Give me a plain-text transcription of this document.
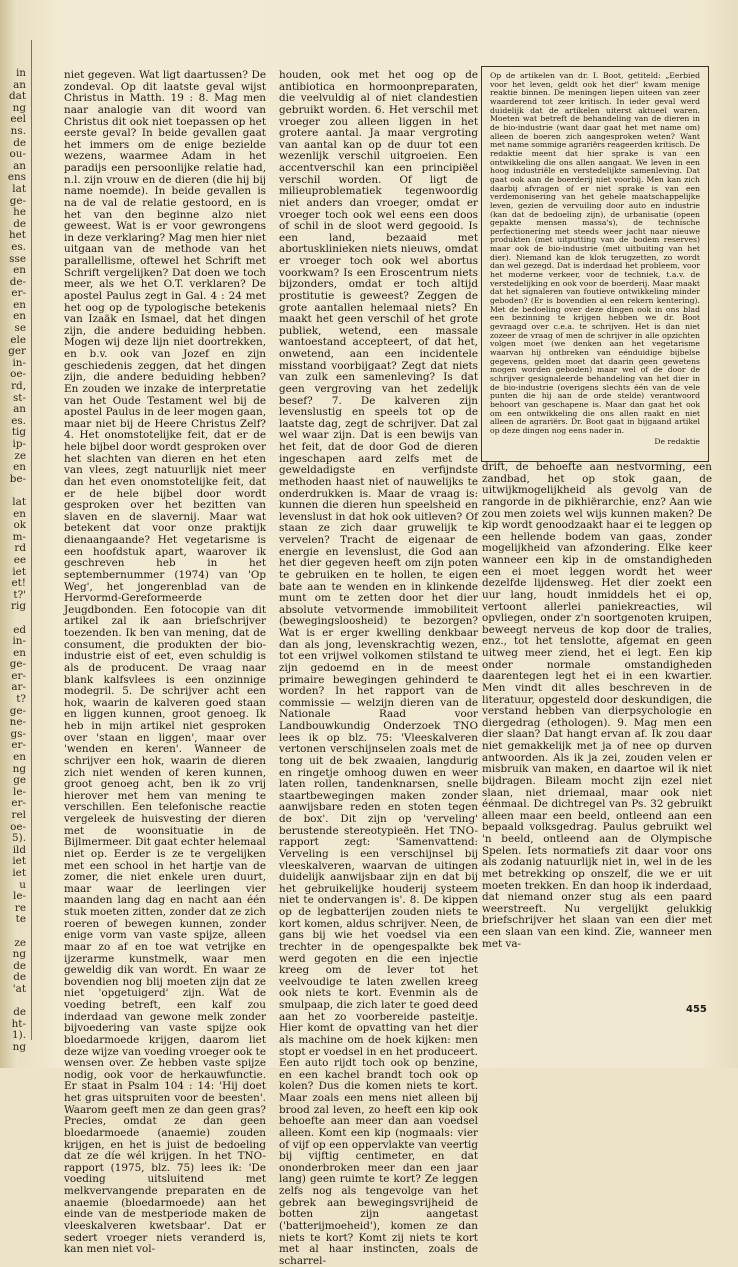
in
an
dat
ng
eel
ns.
de
ou-
an
ens
lat
ge-
he
de
het
es.
sse
en
de-
er-
en
en
se
ele
ger
in-
oe-
rd,
st-
an
es.
tig
ip-
ze
en
be-
lat
en
ok
m-
rd
ee
iet
et!
t?'
rig
ed
in-
en
ge-
er-
ar-
t?
ge-
ne-
gs-
er-
en
ng
ge
le-
er-
rel
oe-
5).
ild
iet
iet
u
le-
re
te
ze
ng
de
de
'at
de
ht-
1).
ng

niet gegeven. Wat ligt daartussen? De zondeval. Op dit laatste geval wijst Christus in Matth. 19 : 8. Mag men naar analogie van dit woord van Christus dit ook niet toepassen op het eerste geval? In beide gevallen gaat het immers om de enige bezielde wezens, waarmee Adam in het paradijs een persoonlijke relatie had, n.l. zijn vrouw en de dieren (die hij bij name noemde). In beide gevallen is na de val de relatie gestoord, en is het van den beginne alzo niet geweest. Wat is er voor gewrongens in deze verklaring? Mag men hier niet uitgaan van de methode van het parallellisme, oftewel het Schrift met Schrift vergelijken? Dat doen we toch meer, als we het O.T. verklaren? De apostel Paulus zegt in Gal. 4 : 24 met het oog op de typologische betekenis van Izaäk en Ismael, dat het dingen zijn, die andere beduiding hebben. Mogen wij deze lijn niet doortrekken, en b.v. ook van Jozef en zijn geschiedenis zeggen, dat het dingen zijn, die andere beduiding hebben? En zouden we inzake de interpretatie van het Oude Testament wel bij de apostel Paulus in de leer mogen gaan, maar niet bij de Heere Christus Zelf? 4. Het onomstotelijke feit, dat er de hele bijbel door wordt gesproken over het slachten van dieren en het eten van vlees, zegt natuurlijk niet meer dan het even onomstotelijke feit, dat er de hele bijbel door wordt gesproken over het bezitten van slaven en de slavernij. Maar wat betekent dat voor onze praktijk dienaangaande? Het vegetarisme is een hoofdstuk apart, waarover ik geschreven heb in het septembernummer (1974) van 'Op Weg', het jongerenblad van de Hervormd-Gereformeerde Jeugdbonden. Een fotocopie van dit artikel zal ik aan briefschrijver toezenden. Ik ben van mening, dat de consument, die produkten der bio-industrie eist of eet, even schuldig is als de producent. De vraag naar blank kalfsvlees is een onzinnige modegril. 5. De schrijver acht een hok, waarin de kalveren goed staan en liggen kunnen, groot genoeg. Ik heb in mijn artikel niet gesproken over 'staan en liggen', maar over 'wenden en keren'. Wanneer de schrijver een hok, waarin de dieren zich niet wenden of keren kunnen, groot genoeg acht, ben ik zo vrij hierover met hem van mening te verschillen. Een telefonische reactie vergeleek de huisvesting der dieren met de woonsituatie in de Bijlmermeer. Dit gaat echter helemaal niet op. Eerder is ze te vergelijken met een school in het hartje van de zomer, die niet enkele uren duurt, maar waar de leerlingen vier maanden lang dag en nacht aan één stuk moeten zitten, zonder dat ze zich roeren of bewegen kunnen, zonder enige vorm van vaste spijze, alleen maar zo af en toe wat vetrijke en ijzerarme kunstmelk, waar men geweldig dik van wordt. En waar ze bovendien nog blij moeten zijn dat ze niet 'opgetuigerd' zijn. Wat de voeding betreft, een kalf zou inderdaad van gewone melk zonder bijvoedering van vaste spijze ook bloedarmoede krijgen, daarom liet deze wijze van voeding vroeger ook te wensen over. Ze hebben vaste spijze nodig, ook voor de herkauwfunctie. Er staat in Psalm 104 : 14: 'Hij doet het gras uitspruiten voor de beesten'. Waarom geeft men ze dan geen gras? Precies, omdat ze dan geen bloedarmoede (anaemie) zouden krijgen, en het is juist de bedoeling dat ze díe wél krijgen. In het TNO-rapport (1975, blz. 75) lees ik: 'De voeding uitsluitend met melkvervangende preparaten en de anaemie (bloedarmoede) aan het einde van de mestperiode maken de vleeskalveren kwetsbaar'. Dat er sedert vroeger niets veranderd is, kan men niet vol-

houden, ook met het oog op de antibiotica en hormoonpreparaten, die veelvuldig al of niet clandestien gebruikt worden. 6. Het verschil met vroeger zou alleen liggen in het grotere aantal. Ja maar vergroting van aantal kan op de duur tot een wezenlijk verschil uitgroeien. Een accentverschil kan een principiëel verschil worden. Of ligt de milieuproblematiek tegenwoordig niet anders dan vroeger, omdat er vroeger toch ook wel eens een doos of schil in de sloot werd gegooid. Is een land, bezaaid met abortusklinieken niets nieuws, omdat er vroeger toch ook wel abortus voorkwam? Is een Eroscentrum niets bijzonders, omdat er toch altijd prostitutie is geweest? Zeggen de grote aantallen helemaal niets? En maakt het geen verschil of het grote publiek, wetend, een massale wantoestand accepteert, of dat het, onwetend, aan een incidentele misstand voorbijgaat? Zegt dat niets van zulk een samenleving? Is dat geen vergroving van het zedelijk besef? 7. De kalveren zijn levenslustig en speels tot op de laatste dag, zegt de schrijver. Dat zal wel waar zijn. Dat is een bewijs van het feit, dat de door God de dieren ingeschapen aard zelfs met de geweldadigste en verfijndste methoden haast niet of nauwelijks te onderdrukken is. Maar de vraag is: kunnen die dieren hun speelsheid en levenslust in dat hok ook uitleven? Of staan ze zich daar gruwelijk te vervelen? Tracht de eigenaar de energie en levenslust, die God aan het dier gegeven heeft om zijn poten te gebruiken en te hollen, te eigen bate aan te wenden en in klinkende munt om te zetten door het dier absolute vetvormende immobiliteit (bewegingsloosheid) te bezorgen? Wat is er erger kwelling denkbaar dan als jong, levenskrachtig wezen, tot een vrijwel volkomen stilstand te zijn gedoemd en in de meest primaire bewegingen gehinderd te worden? In het rapport van de commissie — welzijn dieren van de Nationale Raad voor Landbouwkundig Onderzoek TNO lees ik op blz. 75: 'Vleeskalveren vertonen verschijnselen zoals met de tong uit de bek zwaaien, langdurig en ringetje omhoog duwen en weer laten rollen, tandenknarsen, snelle staartbewegingen maken zonder aanwijsbare reden en stoten tegen de box'. Dit zijn op 'verveling' berustende stereotypieën. Het TNO-rapport zegt: 'Samenvattend: Verveling is een verschijnsel bij vleeskalveren, waarvan de uitingen duidelijk aanwijsbaar zijn en dat bij het gebruikelijke houderij systeem niet te ondervangen is'. 8. De kippen op de legbatterijen zouden niets te kort komen, aldus schrijver. Neen, de gans bij wie het voedsel via een trechter in de opengespalkte bek werd gegoten en die een injectie kreeg om de lever tot het veelvoudige te laten zwellen kreeg ook niets te kort. Evenmin als de smulpaap, die zich later te goed deed aan het zo voorbereide pasteitje. Hier komt de opvatting van het dier als machine om de hoek kijken: men stopt er voedsel in en het produceert. Een auto rijdt toch ook op benzine, en een kachel brandt toch ook op kolen? Dus die komen niets te kort. Maar zoals een mens niet alleen bij brood zal leven, zo heeft een kip ook behoefte aan meer dan aan voedsel alleen. Komt een kip (nogmaals: vier of vijf op een oppervlakte van veertig bij vijftig centimeter, en dat ononderbroken meer dan een jaar lang) geen ruimte te kort? Ze leggen zelfs nog als tengevolge van het gebrek aan bewegingsvrijheid de botten zijn aangetast ('batterijmoeheid'), komen ze dan niets te kort? Komt zij niets te kort met al haar instincten, zoals de scharrel-

Op de artikelen van dr. I. Boot, getiteld: „Eerbied voor het leven, geldt ook het dier" kwam menige reaktie binnen. De meningen liepen uiteen van zeer waarderend tot zeer kritisch. In ieder geval werd duidelijk dat de artikelen uiterst aktueel waren. Moeten wat betreft de behandeling van de dieren in de bio-industrie (want daar gaat het met name om) alleen de boeren zich aangesproken weten? Want met name sommige agrariërs reageerden kritisch. De redaktie meent dat hier sprake is van een ontwikkeling die ons allen aangaat. We leven in een hoog industriële en verstedelijkte samenleving. Dat gaat ook aan de boerderij niet voorbij. Men kan zich daarbij afvragen of er niet sprake is van een verdemonisering van het gehele maatschappelijke leven, gezien de vervuiling door auto en industrie (kan dat de bedoeling zijn), de urbanisatie (opeen gepakte mensen massa's), de technische perfectionering met steeds weer jacht naar nieuwe produkten (met uitputting van de bodem reserves) maar ook de bio-industrie (met uitbuiting van het dier). Niemand kan de klok terugzetten, zo wordt dan wel gezegd. Dat is inderdaad het probleem, voor het moderne verkeer, voor de techniek, t.a.v. de verstedelijking en ook voor de boerderij. Maar maakt dat het signaleren van foutieve ontwikkeling minder geboden? (Er is bovendien al een rekern kentering). Met de bedoeling over deze dingen ook in ons blad een bezinning te krijgen hebben we dr. Boot gevraagd over c.e.a. te schrijven. Het is dan niet zozeer de vraag of men de schrijver in alle opzichten volgen moet (we denken aan het vegetarisme waarvan hij ontbreken van eénduidige bijbelse gegevens, gelden moet dat daarin geen gewetens mogen worden geboden) maar wel of de door de schrijver gesignaleerde behandeling van het dier in de bio-industrie (overigens slechts één van de vele punten die hij aan de orde stelde) verantwoord behoort van geschapene is. Maar dan gaat het ook om een ontwikkeling die ons allen raakt en niet alleen de agrariërs. Dr. Boot gaat in bijgaand artikel op deze dingen nog eens nader in.

De redaktie

drift, de behoefte aan nestvorming, een zandbad, het op stok gaan, de uitwijkmogelijkheid als gevolg van de rangorde in de pikhiërarchie, enz? Aan wie zou men zoiets wel wijs kunnen maken? De kip wordt genoodzaakt haar ei te leggen op een hellende bodem van gaas, zonder mogelijkheid van afzondering. Elke keer wanneer een kip in de omstandigheden een ei moet leggen wordt het weer dezelfde lijdensweg. Het dier zoekt een uur lang, houdt inmiddels het ei op, vertoont allerlei paniekreacties, wil opvliegen, onder z'n soortgenoten kruipen, beweegt nerveus de kop door de tralies, enz., tot het tenslotte, afgemat en geen uitweg meer ziend, het ei legt. Een kip onder normale omstandigheden daarentegen legt het ei in een kwartier. Men vindt dit alles beschreven in de literatuur, opgesteld door deskundigen, die verstand hebben van dierpsychologie en diergedrag (ethologen). 9. Mag men een dier slaan? Dat hangt ervan af. Ik zou daar niet gemakkelijk met ja of nee op durven antwoorden. Als ik ja zei, zouden velen er misbruik van maken, en daartoe wil ik niet bijdragen. Bileam mocht zijn ezel niet slaan, niet driemaal, maar ook niet éénmaal. De dichtregel van Ps. 32 gebruikt alleen maar een beeld, ontleend aan een bepaald volksgedrag. Paulus gebruikt wel 'n beeld, ontleend aan de Olympische Spelen. Iets normatiefs zit daar voor ons als zodanig natuurlijk niet in, wel in de les met betrekking op onszelf, die we er uit moeten trekken. En dan hoop ik inderdaad, dat niemand onzer stug als een paard weerstreeft. Nu vergelijkt gelukkig briefschrijver het slaan van een dier met een slaan van een kind. Zie, wanneer men met va-

455
